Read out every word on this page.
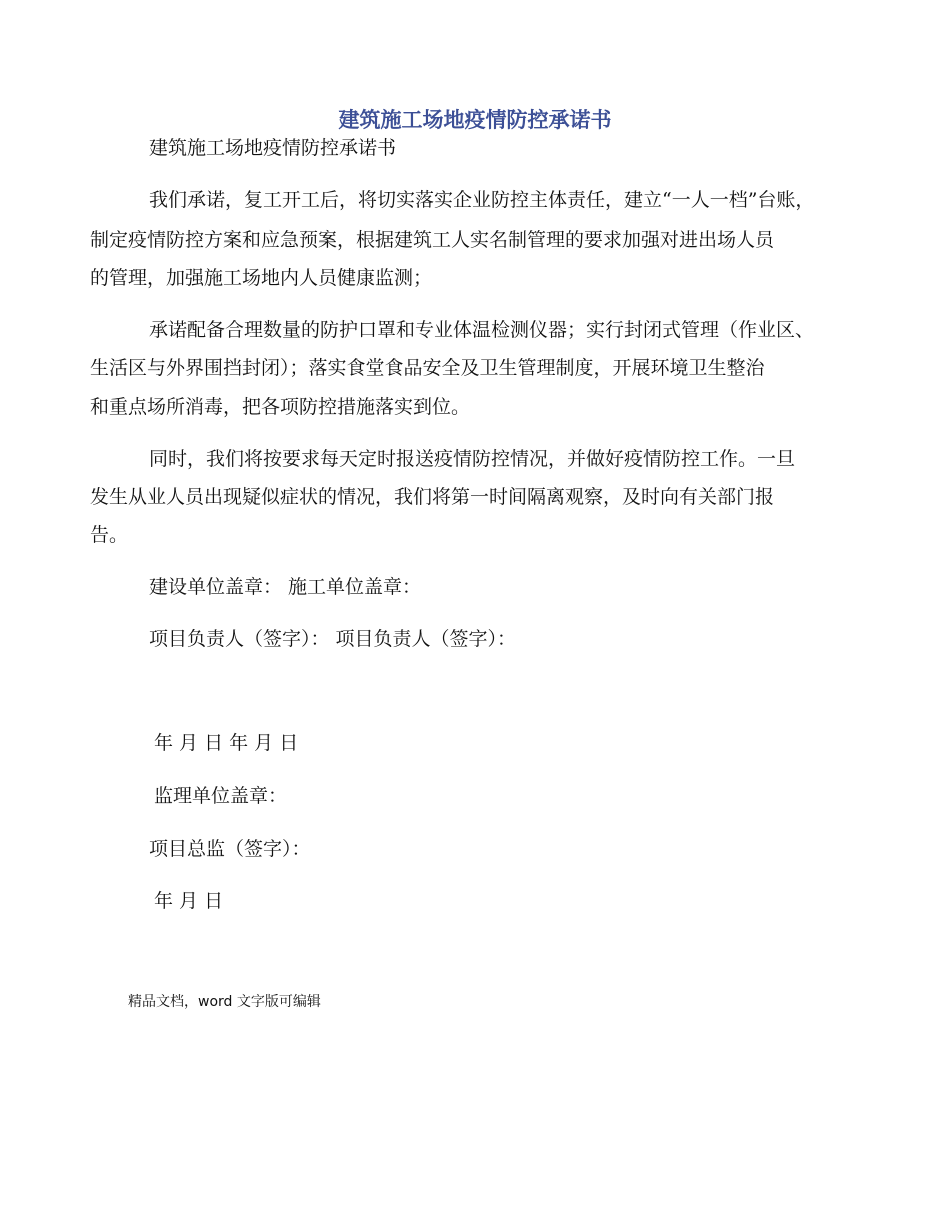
建筑施工场地疫情防控承诺书
建筑施工场地疫情防控承诺书
我们承诺，复工开工后，将切实落实企业防控主体责任，建立“一人一档”台账，
制定疫情防控方案和应急预案，根据建筑工人实名制管理的要求加强对进出场人员
的管理，加强施工场地内人员健康监测；
承诺配备合理数量的防护口罩和专业体温检测仪器；实行封闭式管理（作业区、
生活区与外界围挡封闭）；落实食堂食品安全及卫生管理制度，开展环境卫生整治
和重点场所消毒，把各项防控措施落实到位。
同时，我们将按要求每天定时报送疫情防控情况，并做好疫情防控工作。一旦
发生从业人员出现疑似症状的情况，我们将第一时间隔离观察，及时向有关部门报
告。
建设单位盖章： 施工单位盖章：
项目负责人（签字）： 项目负责人（签字）：
年 月 日 年 月 日
监理单位盖章：
项目总监（签字）：
年 月 日
精品文档，word 文字版可编辑
